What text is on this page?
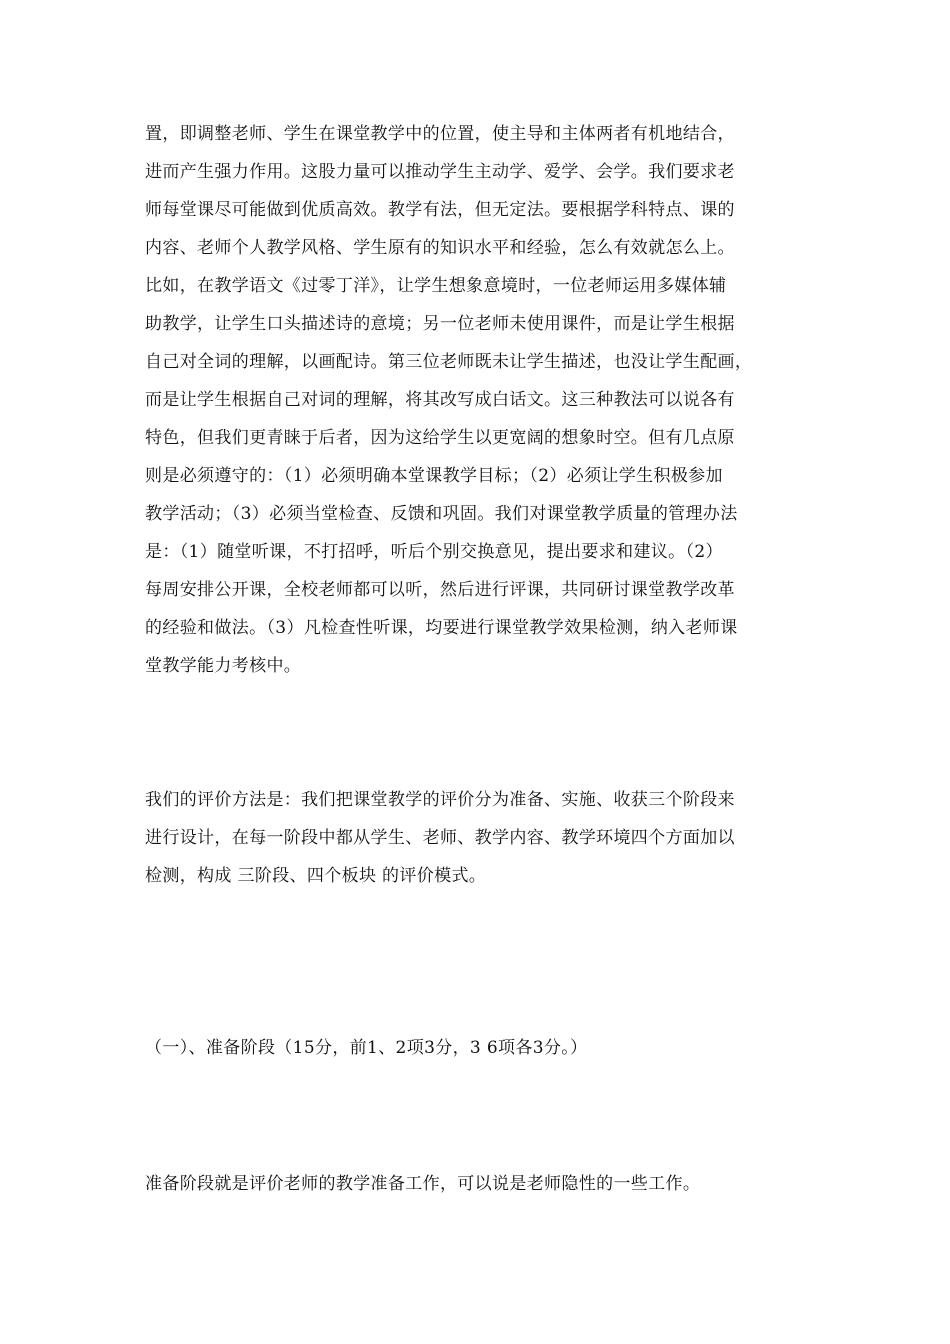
置，即调整老师、学生在课堂教学中的位置，使主导和主体两者有机地结合，
进而产生强力作用。这股力量可以推动学生主动学、爱学、会学。我们要求老
师每堂课尽可能做到优质高效。教学有法，但无定法。要根据学科特点、课的
内容、老师个人教学风格、学生原有的知识水平和经验，怎么有效就怎么上。
比如，在教学语文《过零丁洋》，让学生想象意境时，一位老师运用多媒体辅
助教学，让学生口头描述诗的意境；另一位老师未使用课件，而是让学生根据
自己对全词的理解，以画配诗。第三位老师既未让学生描述，也没让学生配画，
而是让学生根据自己对词的理解，将其改写成白话文。这三种教法可以说各有
特色，但我们更青睐于后者，因为这给学生以更宽阔的想象时空。但有几点原
则是必须遵守的：（1）必须明确本堂课教学目标；（2）必须让学生积极参加
教学活动；（3）必须当堂检查、反馈和巩固。我们对课堂教学质量的管理办法
是：（1）随堂听课，不打招呼，听后个别交换意见，提出要求和建议。（2）
每周安排公开课，全校老师都可以听，然后进行评课，共同研讨课堂教学改革
的经验和做法。（3）凡检查性听课，均要进行课堂教学效果检测，纳入老师课
堂教学能力考核中。
我们的评价方法是：我们把课堂教学的评价分为准备、实施、收获三个阶段来
进行设计，在每一阶段中都从学生、老师、教学内容、教学环境四个方面加以
检测，构成 三阶段、四个板块 的评价模式。
（一）、准备阶段（15分，前1、2项3分，3 6项各3分。）
准备阶段就是评价老师的教学准备工作，可以说是老师隐性的一些工作。
